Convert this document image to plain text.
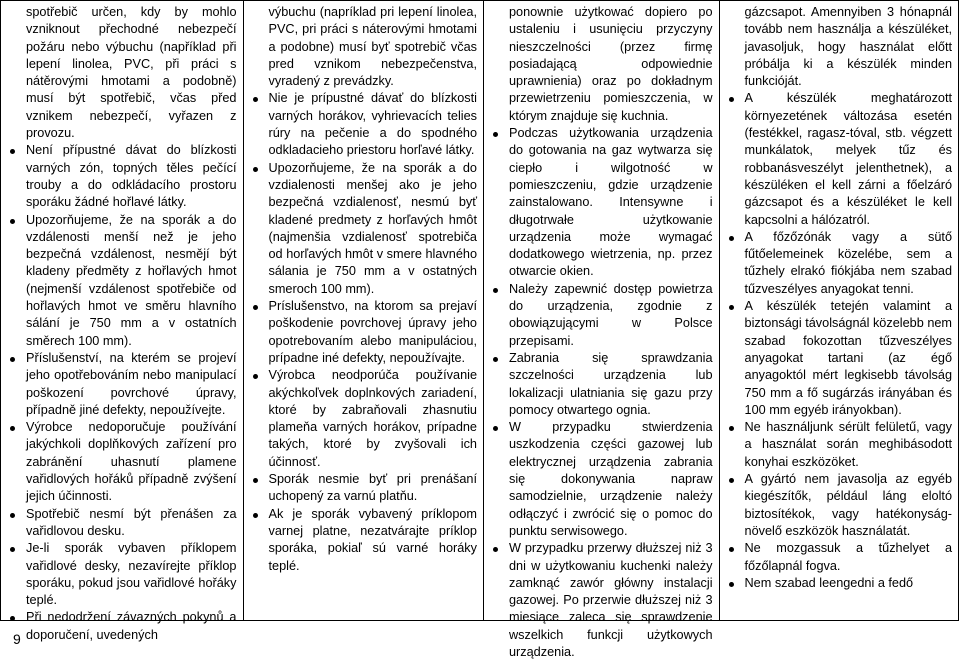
spotřebič určen, kdy by mohlo vzniknout přechodné nebezpečí požáru nebo výbuchu (například při lepení linolea, PVC, při práci s nátěrovými hmotami a podobně) musí být spotřebič, včas před vznikem nebezpečí, vyřazen z provozu.

Není přípustné dávat do blízkosti varných zón, topných těles pečící trouby a do odkládacího prostoru sporáku žádné hořlavé látky.

Upozorňujeme, že na sporák a do vzdálenosti menší než je jeho bezpečná vzdálenost, nesmějí být kladeny předměty z hořlavých hmot (nejmenší vzdálenost spotřebiče od hořlavých hmot ve směru hlavního sálání je 750 mm a v ostatních směrech 100 mm).

Příslušenství, na kterém se projeví jeho opotřebováním nebo manipulací poškození povrchové úpravy, případně jiné defekty, nepoužívejte.

Výrobce nedoporučuje používání jakýchkoli doplňkových zařízení pro zabránění uhasnutí plamene vařidlových hořáků případně zvýšení jejich účinnosti.

Spotřebič nesmí být přenášen za vařidlovou desku.

Je-li sporák vybaven příklopem vařidlové desky, nezavírejte příklop sporáku, pokud jsou vařidlové hořáky teplé.

Při nedodržení závazných pokynů a doporučení, uvedených

výbuchu (napríklad pri lepení linolea, PVC, pri práci s náterovými hmotami a podobne) musí byť spotrebič včas pred vznikom nebezpečenstva, vyradený z prevádzky.

Nie je prípustné dávať do blízkosti varných horákov, vyhrievacích telies rúry na pečenie a do spodného odkladacieho priestoru horľavé látky.

Upozorňujeme, že na sporák a do vzdialenosti menšej ako je jeho bezpečná vzdialenosť, nesmú byť kladené predmety z horľavých hmôt (najmenšia vzdialenosť spotrebiča od horľavých hmôt v smere hlavného sálania je 750 mm a v ostatných smeroch 100 mm).

Príslušenstvo, na ktorom sa prejaví poškodenie povrchovej úpravy jeho opotrebovaním alebo manipuláciou, prípadne iné defekty, nepoužívajte.

Výrobca neodporúča používanie akýchkoľvek doplnkových zariadení, ktoré by zabraňovali zhasnutiu plameňa varných horákov, prípadne takých, ktoré by zvyšovali ich účinnosť.

Sporák nesmie byť pri prenášaní uchopený za varnú platňu.

Ak je sporák vybavený príklopom varnej platne, nezatvárajte príklop sporáka, pokiaľ sú varné horáky teplé.

ponownie użytkować dopiero po ustaleniu i usunięciu przyczyny nieszczelności (przez firmę posiadającą odpowiednie uprawnienia) oraz po dokładnym przewietrzeniu pomieszczenia, w którym znajduje się kuchnia.

Podczas użytkowania urządzenia do gotowania na gaz wytwarza się ciepło i wilgotność w pomieszczeniu, gdzie urządzenie zainstalowano. Intensywne i długotrwałe użytkowanie urządzenia może wymagać dodatkowego wietrzenia, np. przez otwarcie okien.

Należy zapewnić dostęp powietrza do urządzenia, zgodnie z obowiązującymi w Polsce przepisami.

Zabrania się sprawdzania szczelności urządzenia lub lokalizacji ulatniania się gazu przy pomocy otwartego ognia.

W przypadku stwierdzenia uszkodzenia części gazowej lub elektrycznej urządzenia zabrania się dokonywania napraw samodzielnie, urządzenie należy odłączyć i zwrócić się o pomoc do punktu serwisowego.

W przypadku przerwy dłuższej niż 3 dni w użytkowaniu kuchenki należy zamknąć zawór główny instalacji gazowej. Po przerwie dłuższej niż 3 miesiące zaleca się sprawdzenie wszelkich funkcji użytkowych urządzenia.

gázcsapot. Amennyiben 3 hónapnál tovább nem használja a készüléket, javasoljuk, hogy használat előtt próbálja ki a készülék minden funkcióját.

A készülék meghatározott környezetének változása esetén (festékkel, ragasz-tóval, stb. végzett munkálatok, melyek tűz és robbanásveszélyt jelenthetnek), a készüléken el kell zárni a főelzáró gázcsapot és a készüléket le kell kapcsolni a hálózatról.

A főzőzónák vagy a sütő fűtőelemeinek közelébe, sem a tűzhely elrakó fiókjába nem szabad tűzveszélyes anyagokat tenni.

A készülék tetején valamint a biztonsági távolságnál közelebb nem szabad fokozottan tűzveszélyes anyagokat tartani (az égő anyagoktól mért legkisebb távolság 750 mm a fő sugárzás irányában és 100 mm egyéb irányokban).

Ne használjunk sérült felületű, vagy a használat során meghibásodott konyhai eszközöket.

A gyártó nem javasolja az egyéb kiegészítők, például láng eloltó biztosítékok, vagy hatékonyság-növelő eszközök használatát.

Ne mozgassuk a tűzhelyet a főzőlapnál fogva.

Nem szabad leengedni a fedő

9
